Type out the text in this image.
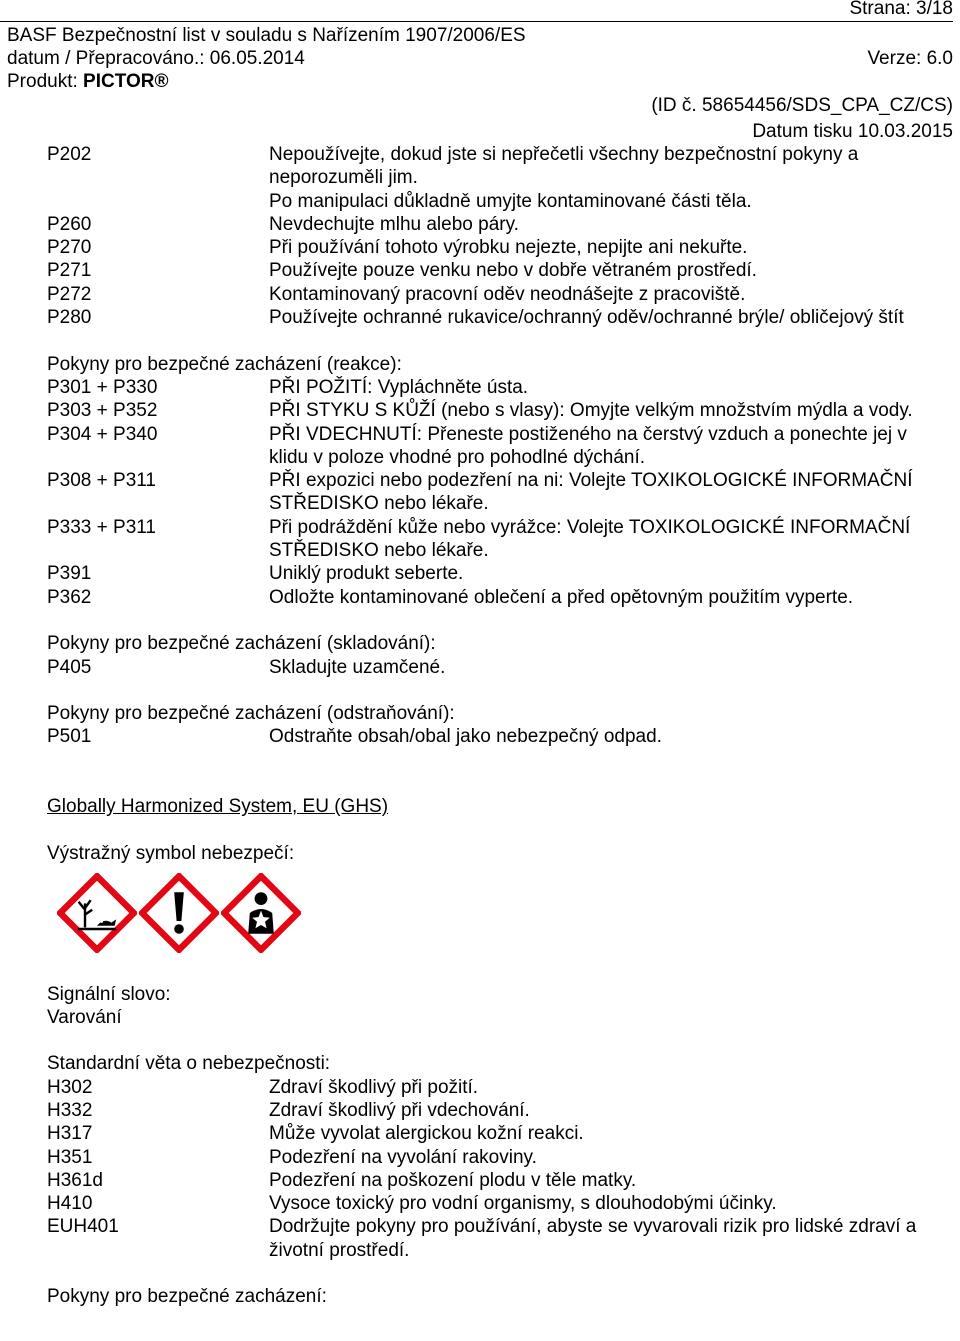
Strana: 3/18
BASF Bezpečnostní list v souladu s Nařízením 1907/2006/ES
datum / Přepracováno.: 06.05.2014	Verze: 6.0
Produkt: PICTOR®
(ID č. 58654456/SDS_CPA_CZ/CS)
Datum tisku 10.03.2015
P202	Nepoužívejte, dokud jste si nepřečetli všechny bezpečnostní pokyny a neporozuměli jim.
Po manipulaci důkladně umyjte kontaminované části těla.
P260	Nevdechujte mlhu alebo páry.
P270	Při používání tohoto výrobku nejezte, nepijte ani nekuřte.
P271	Používejte pouze venku nebo v dobře větraném prostředí.
P272	Kontaminovaný pracovní oděv neodnášejte z pracoviště.
P280	Používejte ochranné rukavice/ochranný oděv/ochranné brýle/ obličejový štít
Pokyny pro bezpečné zacházení (reakce):
P301 + P330	PŘI POŽITÍ: Vypláchněte ústa.
P303 + P352	PŘI STYKU S KŮŽÍ (nebo s vlasy): Omyjte velkým množstvím mýdla a vody.
P304 + P340	PŘI VDECHNUTÍ: Přeneste postiženého na čerstvý vzduch a ponechte jej v klidu v poloze vhodné pro pohodlné dýchání.
P308 + P311	PŘI expozici nebo podezření na ni: Volejte TOXIKOLOGICKÉ INFORMAČNÍ STŘEDISKO nebo lékaře.
P333 + P311	Při podráždění kůže nebo vyrážce: Volejte TOXIKOLOGICKÉ INFORMAČNÍ STŘEDISKO nebo lékaře.
P391	Uniklý produkt seberte.
P362	Odložte kontaminované oblečení a před opětovným použitím vyperte.
Pokyny pro bezpečné zacházení (skladování):
P405	Skladujte uzamčené.
Pokyny pro bezpečné zacházení (odstraňování):
P501	Odstraňte obsah/obal jako nebezpečný odpad.
Globally Harmonized System, EU (GHS)
Výstražný symbol nebezpečí:
Signální slovo:
Varování
Standardní věta o nebezpečnosti:
H302	Zdraví škodlivý při požití.
H332	Zdraví škodlivý při vdechování.
H317	Může vyvolat alergickou kožní reakci.
H351	Podezření na vyvolání rakoviny.
H361d	Podezření na poškození plodu v těle matky.
H410	Vysoce toxický pro vodní organismy, s dlouhodobými účinky.
EUH401	Dodržujte pokyny pro používání, abyste se vyvarovali rizik pro lidské zdraví a životní prostředí.
Pokyny pro bezpečné zacházení:
